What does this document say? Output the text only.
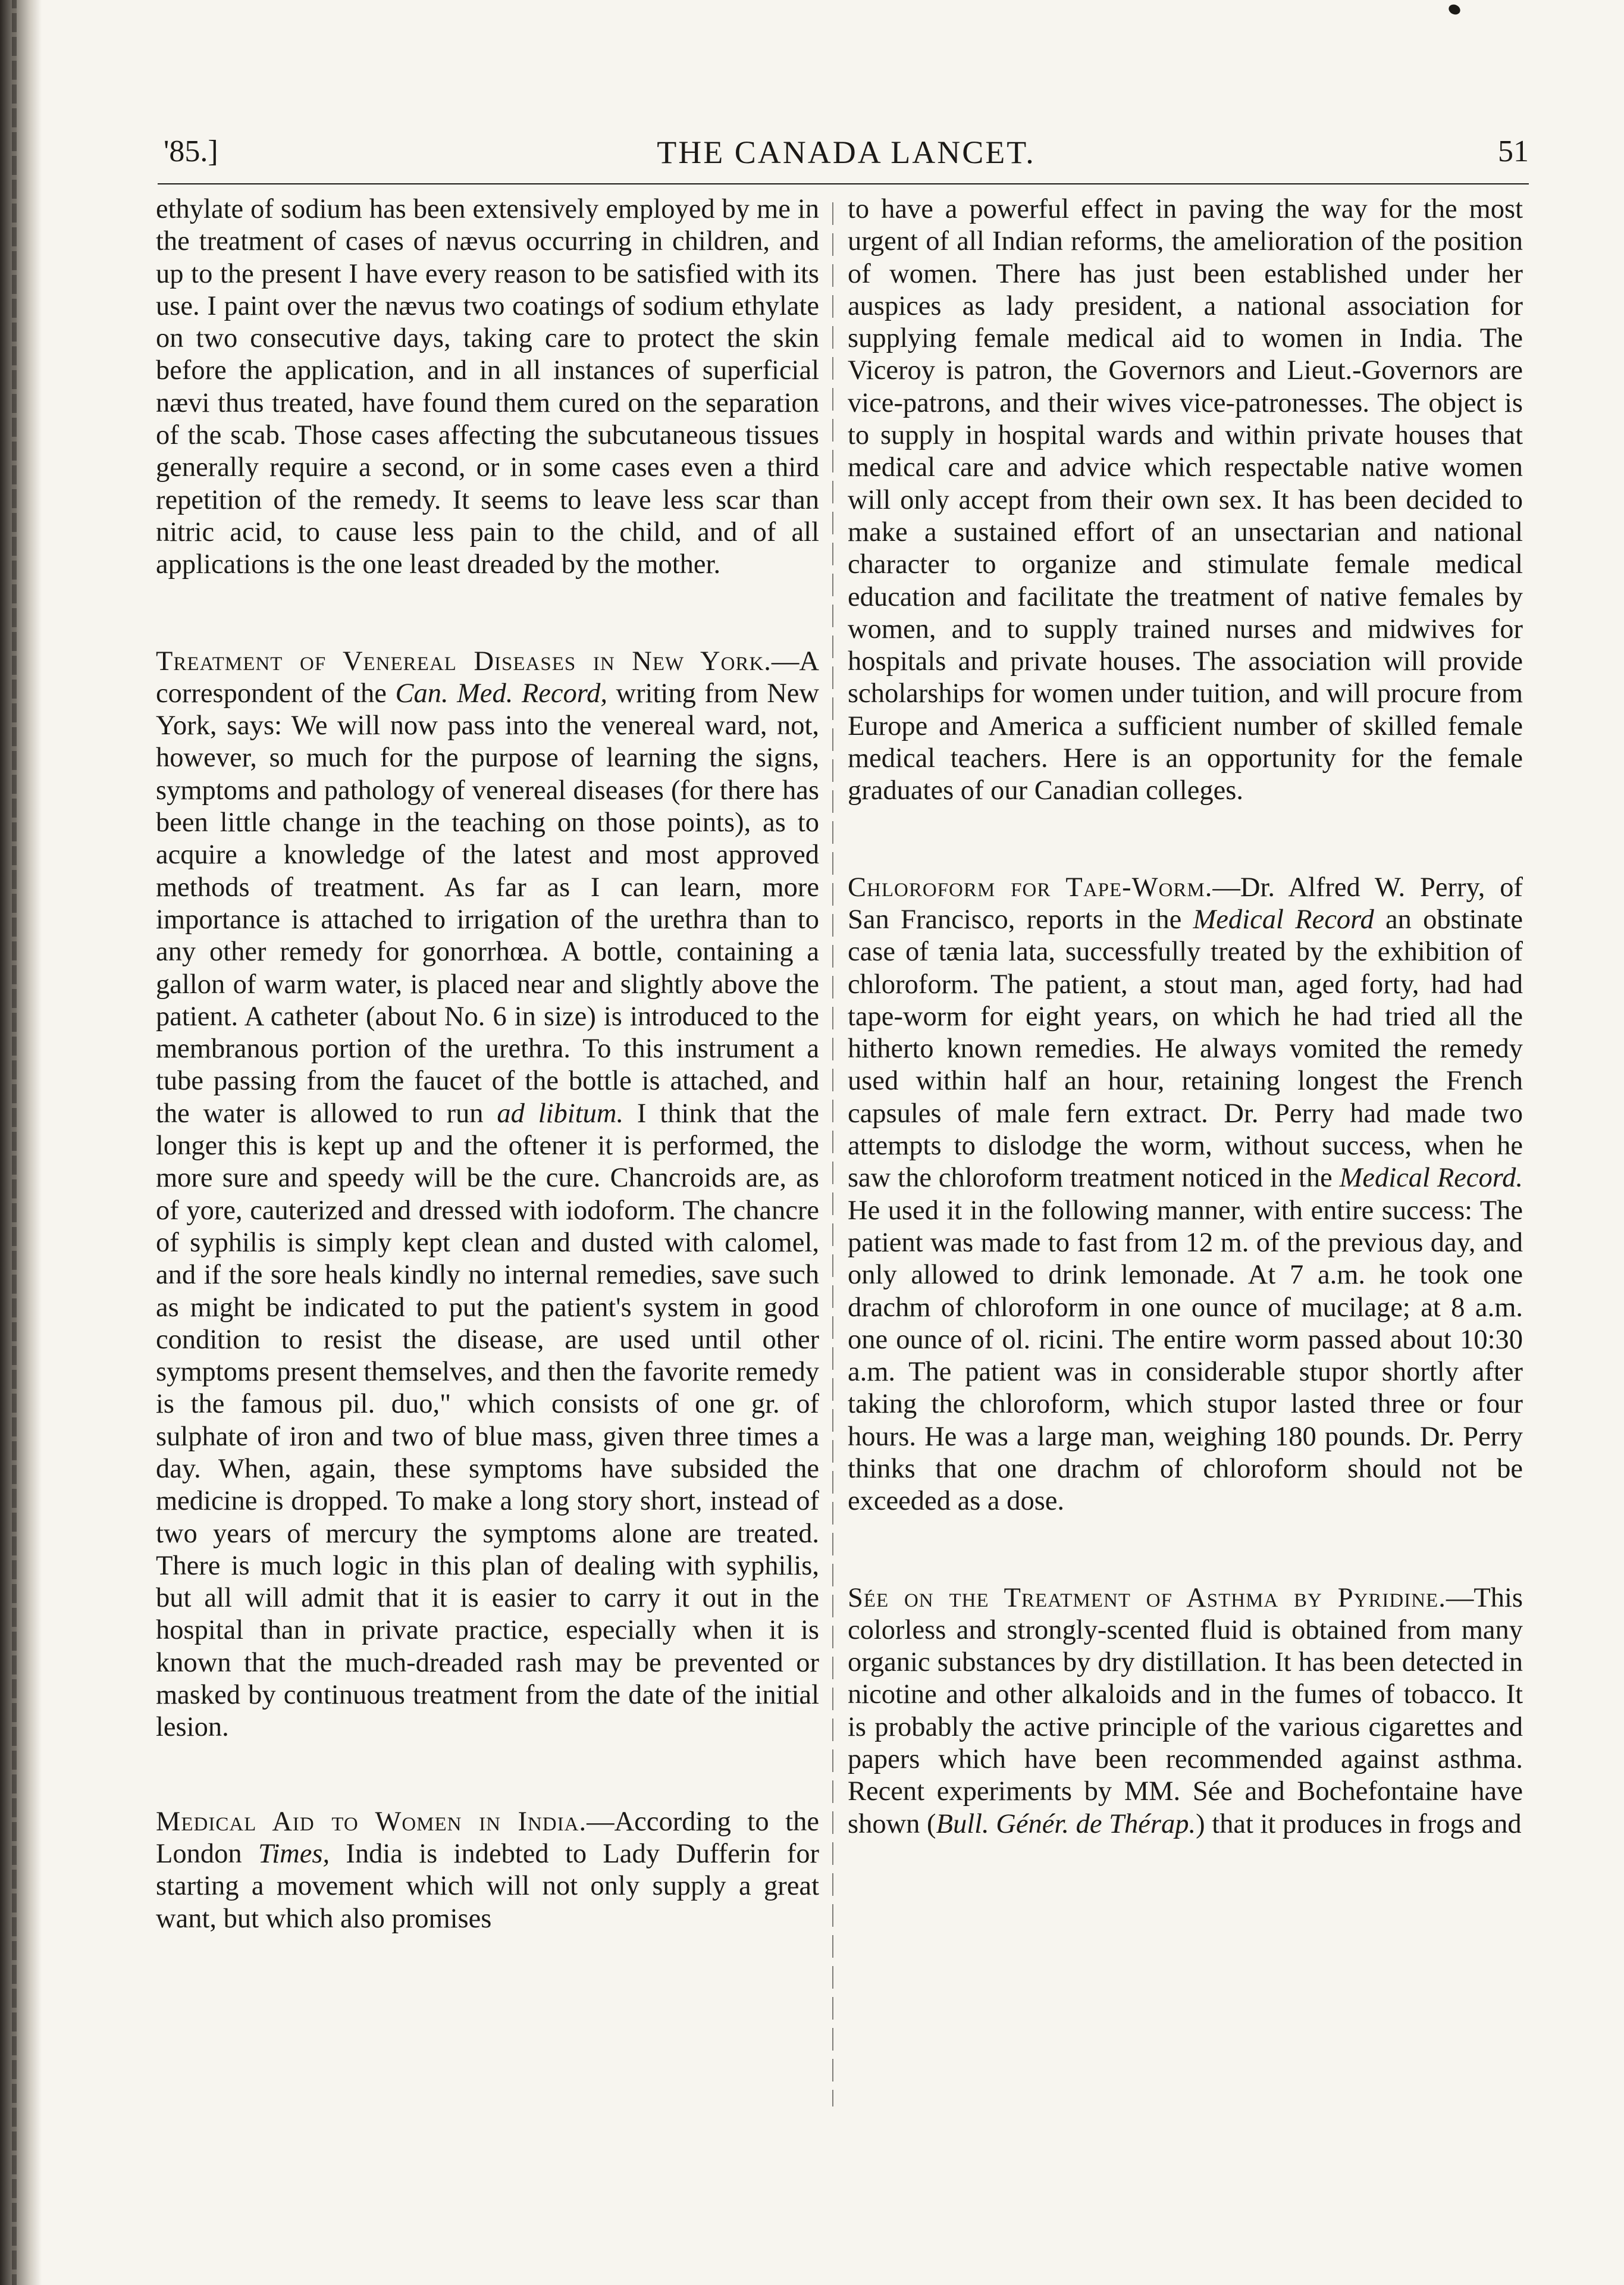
'85.]	THE CANADA LANCET.	51

ethylate of sodium has been extensively employed by me in the treatment of cases of nævus occurring in children, and up to the present I have every reason to be satisfied with its use. I paint over the nævus two coatings of sodium ethylate on two consecutive days, taking care to protect the skin before the application, and in all instances of superficial nævi thus treated, have found them cured on the separation of the scab. Those cases affecting the subcutaneous tissues generally require a second, or in some cases even a third repetition of the remedy. It seems to leave less scar than nitric acid, to cause less pain to the child, and of all applications is the one least dreaded by the mother.

Treatment of Venereal Diseases in New York.—A correspondent of the Can. Med. Record, writing from New York, says: We will now pass into the venereal ward, not, however, so much for the purpose of learning the signs, symptoms and pathology of venereal diseases (for there has been little change in the teaching on those points), as to acquire a knowledge of the latest and most approved methods of treatment. As far as I can learn, more importance is attached to irrigation of the urethra than to any other remedy for gonorrhœa. A bottle, containing a gallon of warm water, is placed near and slightly above the patient. A catheter (about No. 6 in size) is introduced to the membranous portion of the urethra. To this instrument a tube passing from the faucet of the bottle is attached, and the water is allowed to run ad libitum. I think that the longer this is kept up and the oftener it is performed, the more sure and speedy will be the cure. Chancroids are, as of yore, cauterized and dressed with iodoform. The chancre of syphilis is simply kept clean and dusted with calomel, and if the sore heals kindly no internal remedies, save such as might be indicated to put the patient's system in good condition to resist the disease, are used until other symptoms present themselves, and then the favorite remedy is the famous pil. duo," which consists of one gr. of sulphate of iron and two of blue mass, given three times a day. When, again, these symptoms have subsided the medicine is dropped. To make a long story short, instead of two years of mercury the symptoms alone are treated. There is much logic in this plan of dealing with syphilis, but all will admit that it is easier to carry it out in the hospital than in private practice, especially when it is known that the much-dreaded rash may be prevented or masked by continuous treatment from the date of the initial lesion.

Medical Aid to Women in India.—According to the London Times, India is indebted to Lady Dufferin for starting a movement which will not only supply a great want, but which also promises

to have a powerful effect in paving the way for the most urgent of all Indian reforms, the amelioration of the position of women. There has just been established under her auspices as lady president, a national association for supplying female medical aid to women in India. The Viceroy is patron, the Governors and Lieut.-Governors are vice-patrons, and their wives vice-patronesses. The object is to supply in hospital wards and within private houses that medical care and advice which respectable native women will only accept from their own sex. It has been decided to make a sustained effort of an unsectarian and national character to organize and stimulate female medical education and facilitate the treatment of native females by women, and to supply trained nurses and midwives for hospitals and private houses. The association will provide scholarships for women under tuition, and will procure from Europe and America a sufficient number of skilled female medical teachers. Here is an opportunity for the female graduates of our Canadian colleges.

Chloroform for Tape-Worm.—Dr. Alfred W. Perry, of San Francisco, reports in the Medical Record an obstinate case of tænia lata, successfully treated by the exhibition of chloroform. The patient, a stout man, aged forty, had had tape-worm for eight years, on which he had tried all the hitherto known remedies. He always vomited the remedy used within half an hour, retaining longest the French capsules of male fern extract. Dr. Perry had made two attempts to dislodge the worm, without success, when he saw the chloroform treatment noticed in the Medical Record. He used it in the following manner, with entire success: The patient was made to fast from 12 m. of the previous day, and only allowed to drink lemonade. At 7 a.m. he took one drachm of chloroform in one ounce of mucilage; at 8 a.m. one ounce of ol. ricini. The entire worm passed about 10:30 a.m. The patient was in considerable stupor shortly after taking the chloroform, which stupor lasted three or four hours. He was a large man, weighing 180 pounds. Dr. Perry thinks that one drachm of chloroform should not be exceeded as a dose.

Sée on the Treatment of Asthma by Pyridine.—This colorless and strongly-scented fluid is obtained from many organic substances by dry distillation. It has been detected in nicotine and other alkaloids and in the fumes of tobacco. It is probably the active principle of the various cigarettes and papers which have been recommended against asthma. Recent experiments by MM. Sée and Bochefontaine have shown (Bull. Génér. de Thérap.) that it produces in frogs and
